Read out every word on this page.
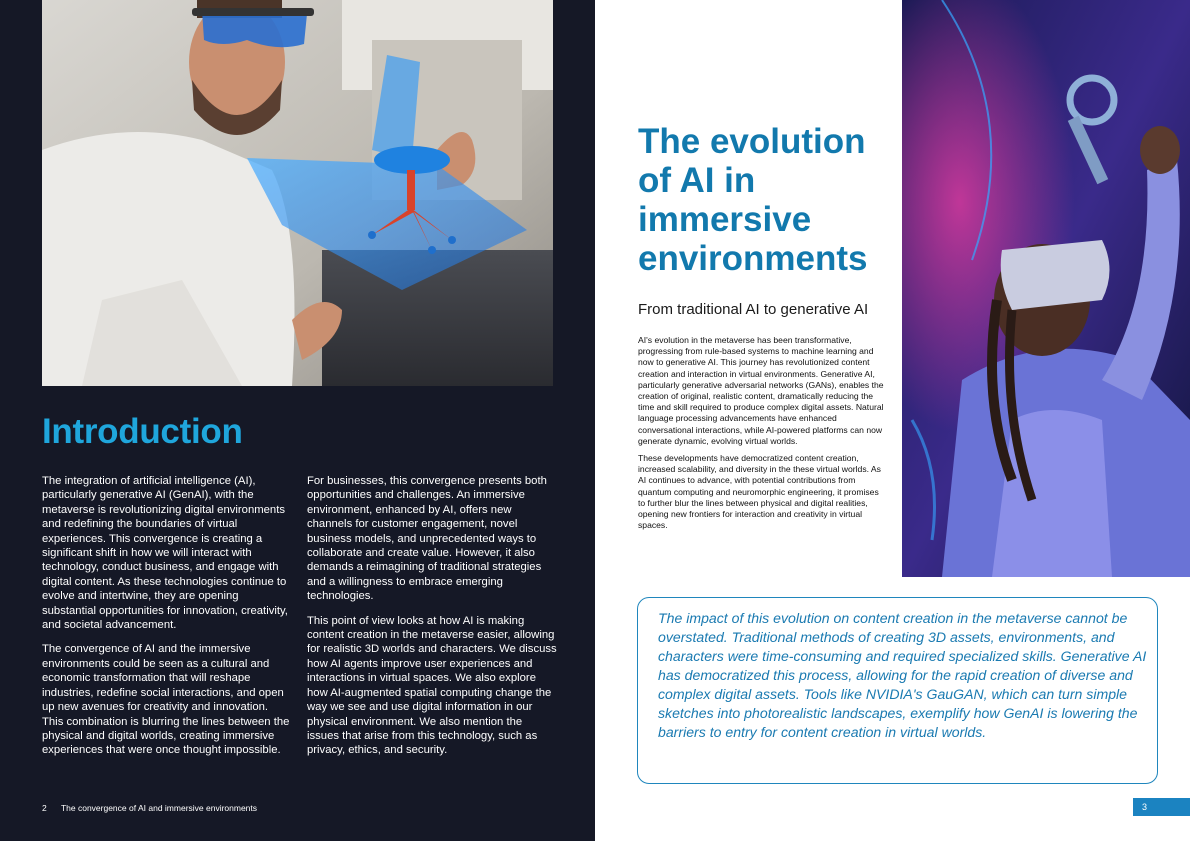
Introduction

The integration of artificial intelligence (AI), particularly generative AI (GenAI), with the metaverse is revolutionizing digital environments and redefining the boundaries of virtual experiences. This convergence is creating a significant shift in how we will interact with technology, conduct business, and engage with digital content. As these technologies continue to evolve and intertwine, they are opening substantial opportunities for innovation, creativity, and societal advancement.

The convergence of AI and the immersive environments could be seen as a cultural and economic transformation that will reshape industries, redefine social interactions, and open up new avenues for creativity and innovation. This combination is blurring the lines between the physical and digital worlds, creating immersive experiences that were once thought impossible.

For businesses, this convergence presents both opportunities and challenges. An immersive environment, enhanced by AI, offers new channels for customer engagement, novel business models, and unprecedented ways to collaborate and create value. However, it also demands a reimagining of traditional strategies and a willingness to embrace emerging technologies.

This point of view looks at how AI is making content creation in the metaverse easier, allowing for realistic 3D worlds and characters. We discuss how AI agents improve user experiences and interactions in virtual spaces. We also explore how AI-augmented spatial computing change the way we see and use digital information in our physical environment. We also mention the issues that arise from this technology, such as privacy, ethics, and security.

2 The convergence of AI and immersive environments
The evolution of AI in immersive environments
From traditional AI to generative AI

AI's evolution in the metaverse has been transformative, progressing from rule-based systems to machine learning and now to generative AI. This journey has revolutionized content creation and interaction in virtual environments. Generative AI, particularly generative adversarial networks (GANs), enables the creation of original, realistic content, dramatically reducing the time and skill required to produce complex digital assets. Natural language processing advancements have enhanced conversational interactions, while AI-powered platforms can now generate dynamic, evolving virtual worlds.

These developments have democratized content creation, increased scalability, and diversity in the these virtual worlds. As AI continues to advance, with potential contributions from quantum computing and neuromorphic engineering, it promises to further blur the lines between physical and digital realities, opening new frontiers for interaction and creativity in virtual spaces.

The impact of this evolution on content creation in the metaverse cannot be overstated. Traditional methods of creating 3D assets, environments, and characters were time-consuming and required specialized skills. Generative AI has democratized this process, allowing for the rapid creation of diverse and complex digital assets. Tools like NVIDIA's GauGAN, which can turn simple sketches into photorealistic landscapes, exemplify how GenAI is lowering the barriers to entry for content creation in virtual worlds.
3
